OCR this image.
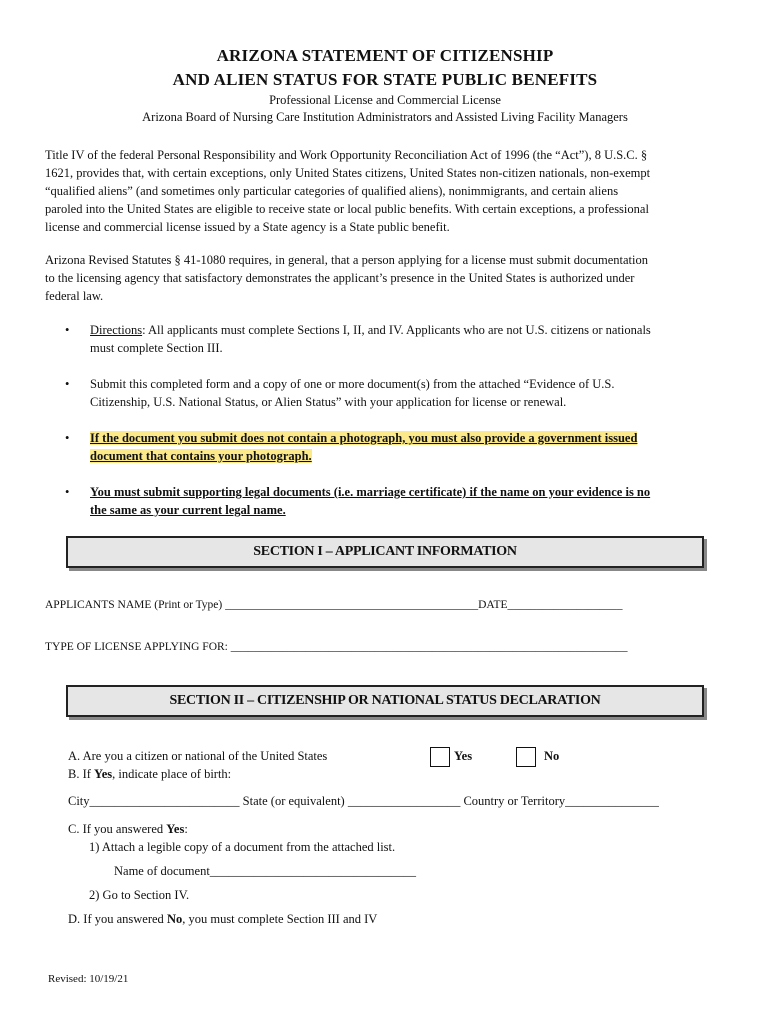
ARIZONA STATEMENT OF CITIZENSHIP
AND ALIEN STATUS FOR STATE PUBLIC BENEFITS
Professional License and Commercial License
Arizona Board of Nursing Care Institution Administrators and Assisted Living Facility Managers
Title IV of the federal Personal Responsibility and Work Opportunity Reconciliation Act of 1996 (the “Act”), 8 U.S.C. §
1621, provides that, with certain exceptions, only United States citizens, United States non-citizen nationals, non-exempt
“qualified aliens” (and sometimes only particular categories of qualified aliens), nonimmigrants, and certain aliens
paroled into the United States are eligible to receive state or local public benefits. With certain exceptions, a professional
license and commercial license issued by a State agency is a State public benefit.
Arizona Revised Statutes § 41-1080 requires, in general, that a person applying for a license must submit documentation
to the licensing agency that satisfactory demonstrates the applicant’s presence in the United States is authorized under
federal law.
• Directions: All applicants must complete Sections I, II, and IV. Applicants who are not U.S. citizens or nationals
must complete Section III.
• Submit this completed form and a copy of one or more document(s) from the attached “Evidence of U.S.
Citizenship, U.S. National Status, or Alien Status” with your application for license or renewal.
• If the document you submit does not contain a photograph, you must also provide a government issued
document that contains your photograph.
• You must submit supporting legal documents (i.e. marriage certificate) if the name on your evidence is no
the same as your current legal name.
SECTION I – APPLICANT INFORMATION
APPLICANTS NAME (Print or Type) ____________________________________________DATE____________________
TYPE OF LICENSE APPLYING FOR: _____________________________________________________________________
SECTION II – CITIZENSHIP OR NATIONAL STATUS DECLARATION
A. Are you a citizen or national of the United States	Yes	No
B. If Yes, indicate place of birth:
City________________________ State (or equivalent) __________________ Country or Territory_______________
C. If you answered Yes:
1) Attach a legible copy of a document from the attached list.
Name of document_________________________________
2) Go to Section IV.
D. If you answered No, you must complete Section III and IV
Revised: 10/19/21
